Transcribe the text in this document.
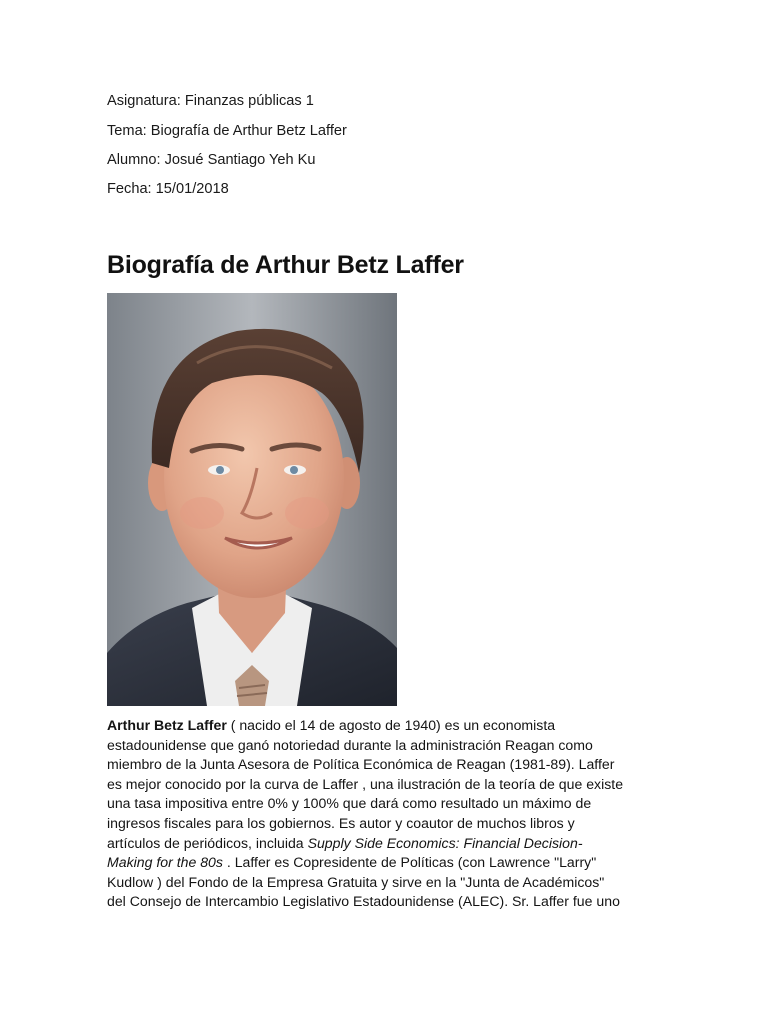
Asignatura: Finanzas públicas 1
Tema: Biografía de Arthur Betz Laffer
Alumno: Josué Santiago Yeh Ku
Fecha: 15/01/2018
Biografía de Arthur Betz Laffer
Arthur Betz Laffer ( nacido el 14 de agosto de 1940) es un economista
estadounidense que ganó notoriedad durante la administración Reagan como
miembro de la Junta Asesora de Política Económica de Reagan (1981-89). Laffer
es mejor conocido por la curva de Laffer , una ilustración de la teoría de que existe
una tasa impositiva entre 0% y 100% que dará como resultado un máximo de
ingresos fiscales para los gobiernos. Es autor y coautor de muchos libros y
artículos de periódicos, incluida Supply Side Economics: Financial Decision-
Making for the 80s . Laffer es Copresidente de Políticas (con Lawrence "Larry"
Kudlow ) del Fondo de la Empresa Gratuita y sirve en la "Junta de Académicos"
del Consejo de Intercambio Legislativo Estadounidense (ALEC). Sr. Laffer fue uno
